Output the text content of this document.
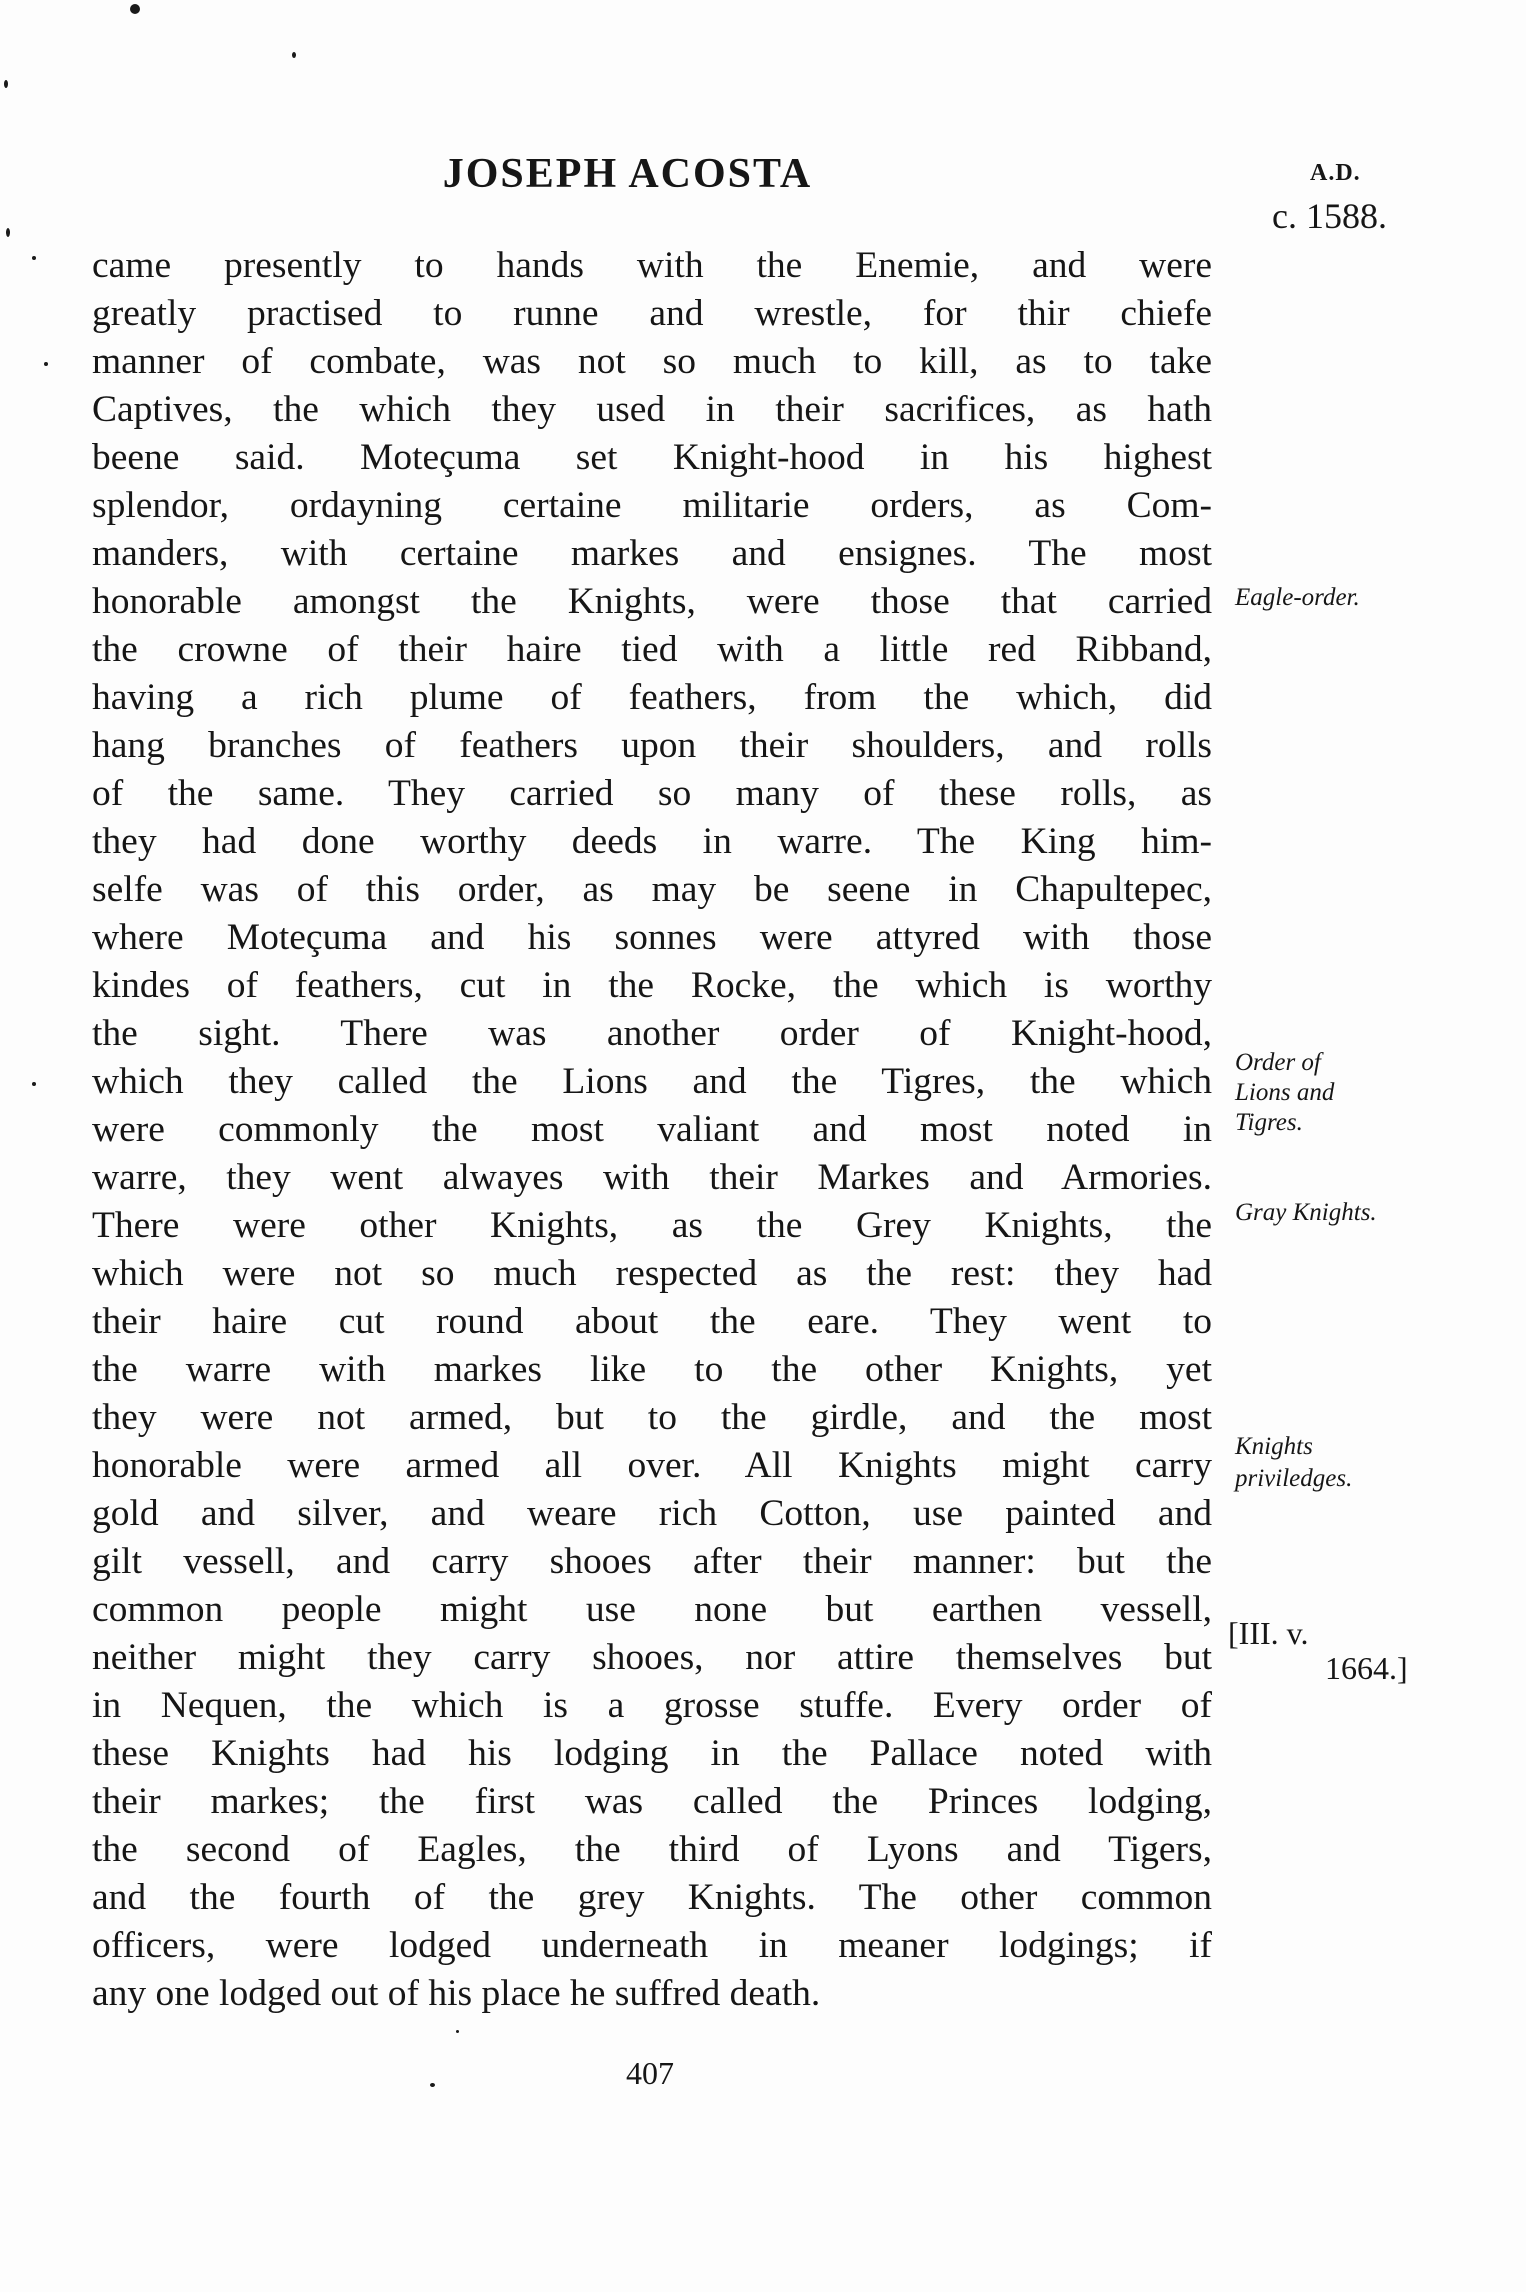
JOSEPH ACOSTA	A.D.
c. 1588.
came presently to hands with the Enemie, and were
greatly practised to runne and wrestle, for thir chiefe
manner of combate, was not so much to kill, as to take
Captives, the which they used in their sacrifices, as hath
beene said. Moteçuma set Knight-hood in his highest
splendor, ordayning certaine militarie orders, as Com-
manders, with certaine markes and ensignes. The most
honorable amongst the Knights, were those that carried
the crowne of their haire tied with a little red Ribband,
having a rich plume of feathers, from the which, did
hang branches of feathers upon their shoulders, and rolls
of the same. They carried so many of these rolls, as
they had done worthy deeds in warre. The King him-
selfe was of this order, as may be seene in Chapultepec,
where Moteçuma and his sonnes were attyred with those
kindes of feathers, cut in the Rocke, the which is worthy
the sight. There was another order of Knight-hood,
which they called the Lions and the Tigres, the which
were commonly the most valiant and most noted in
warre, they went alwayes with their Markes and Armories.
There were other Knights, as the Grey Knights, the
which were not so much respected as the rest: they had
their haire cut round about the eare. They went to
the warre with markes like to the other Knights, yet
they were not armed, but to the girdle, and the most
honorable were armed all over. All Knights might carry
gold and silver, and weare rich Cotton, use painted and
gilt vessell, and carry shooes after their manner: but the
common people might use none but earthen vessell,
neither might they carry shooes, nor attire themselves but
in Nequen, the which is a grosse stuffe. Every order of
these Knights had his lodging in the Pallace noted with
their markes; the first was called the Princes lodging,
the second of Eagles, the third of Lyons and Tigers,
and the fourth of the grey Knights. The other common
officers, were lodged underneath in meaner lodgings; if
any one lodged out of his place he suffred death.
Eagle-order.
Order of
Lions and
Tigres.
Gray Knights.
Knights
priviledges.
[III. v.
1664.]
407
